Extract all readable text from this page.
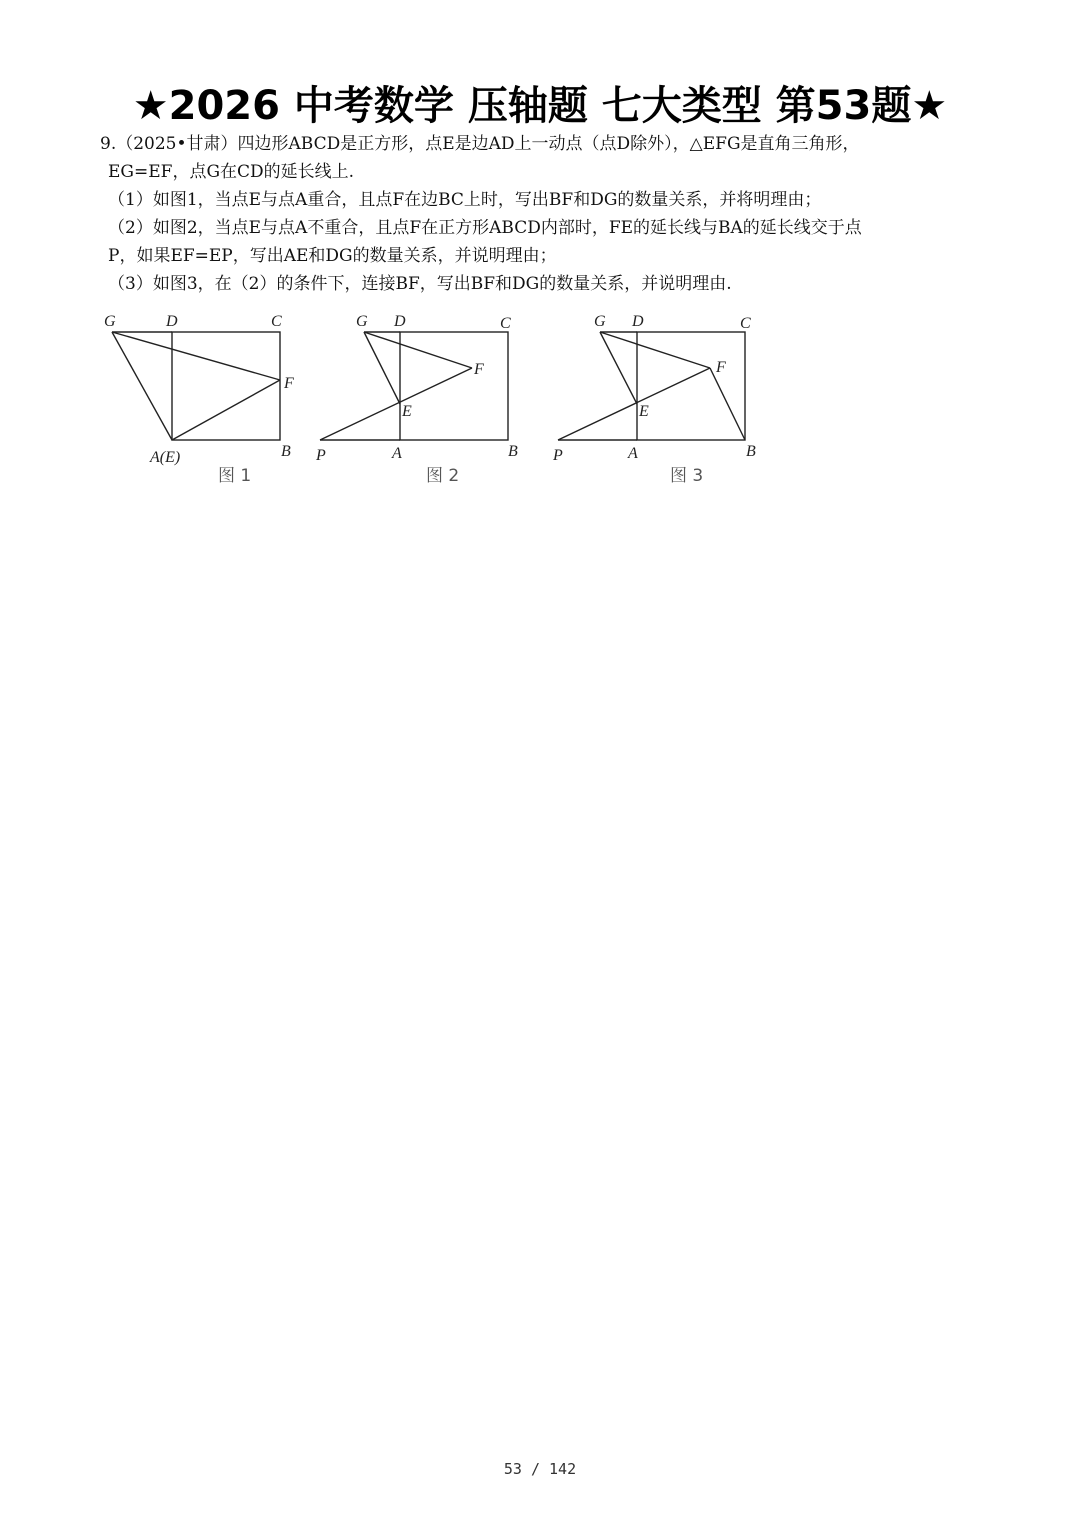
★2026 中考数学 压轴题 七大类型 第53题★
9.（2025•甘肃）四边形ABCD是正方形，点E是边AD上一动点（点D除外），△EFG是直角三角形，
EG=EF，点G在CD的延长线上.
（1）如图1，当点E与点A重合，且点F在边BC上时，写出BF和DG的数量关系，并将明理由；
（2）如图2，当点E与点A不重合，且点F在正方形ABCD内部时，FE的延长线与BA的延长线交于点
P，如果EF=EP，写出AE和DG的数量关系，并说明理由；
（3）如图3，在（2）的条件下，连接BF，写出BF和DG的数量关系，并说明理由.
G	D	C
F
A(E)	B
图 1
G D	C
F
E
P	A	B
图 2
G D	C
F
E
P	A	B
图 3
53 / 142
